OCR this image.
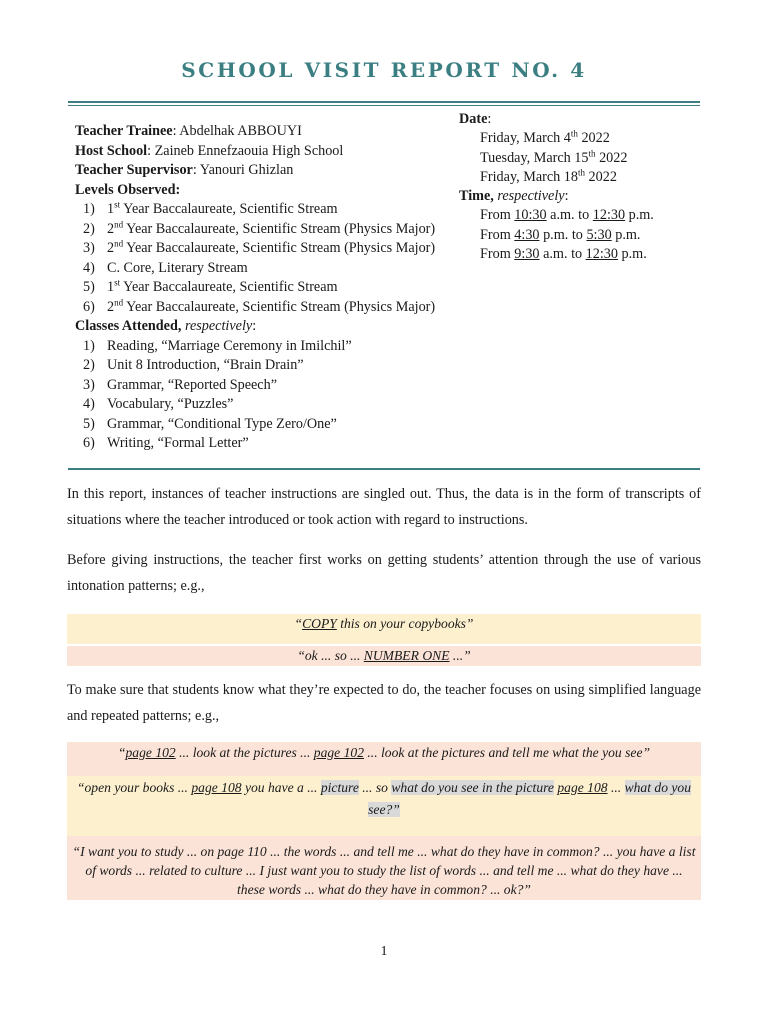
SCHOOL VISIT REPORT NO. 4
Teacher Trainee: Abdelhak ABBOUYI
Host School: Zaineb Ennefzaouia High School
Teacher Supervisor: Yanouri Ghizlan
Levels Observed:
1) 1st Year Baccalaureate, Scientific Stream
2) 2nd Year Baccalaureate, Scientific Stream (Physics Major)
3) 2nd Year Baccalaureate, Scientific Stream (Physics Major)
4) C. Core, Literary Stream
5) 1st Year Baccalaureate, Scientific Stream
6) 2nd Year Baccalaureate, Scientific Stream (Physics Major)
Classes Attended, respectively:
1) Reading, “Marriage Ceremony in Imilchil”
2) Unit 8 Introduction, “Brain Drain”
3) Grammar, “Reported Speech”
4) Vocabulary, “Puzzles”
5) Grammar, “Conditional Type Zero/One”
6) Writing, “Formal Letter”
Date:
Friday, March 4th 2022
Tuesday, March 15th 2022
Friday, March 18th 2022
Time, respectively:
From 10:30 a.m. to 12:30 p.m.
From 4:30 p.m. to 5:30 p.m.
From 9:30 a.m. to 12:30 p.m.
In this report, instances of teacher instructions are singled out. Thus, the data is in the form of transcripts of situations where the teacher introduced or took action with regard to instructions.
Before giving instructions, the teacher first works on getting students’ attention through the use of various intonation patterns; e.g.,
“COPY this on your copybooks”
“ok ... so ... NUMBER ONE ...”
To make sure that students know what they’re expected to do, the teacher focuses on using simplified language and repeated patterns; e.g.,
“page 102 ... look at the pictures ... page 102 ... look at the pictures and tell me what the you see”
“open your books ... page 108 you have a ... picture ... so what do you see in the picture page 108 ... what do you see?”
“I want you to study ... on page 110 ... the words ... and tell me ... what do they have in common? ... you have a list of words ... related to culture ... I just want you to study the list of words ... and tell me ... what do they have ... these words ... what do they have in common? ... ok?”
1
